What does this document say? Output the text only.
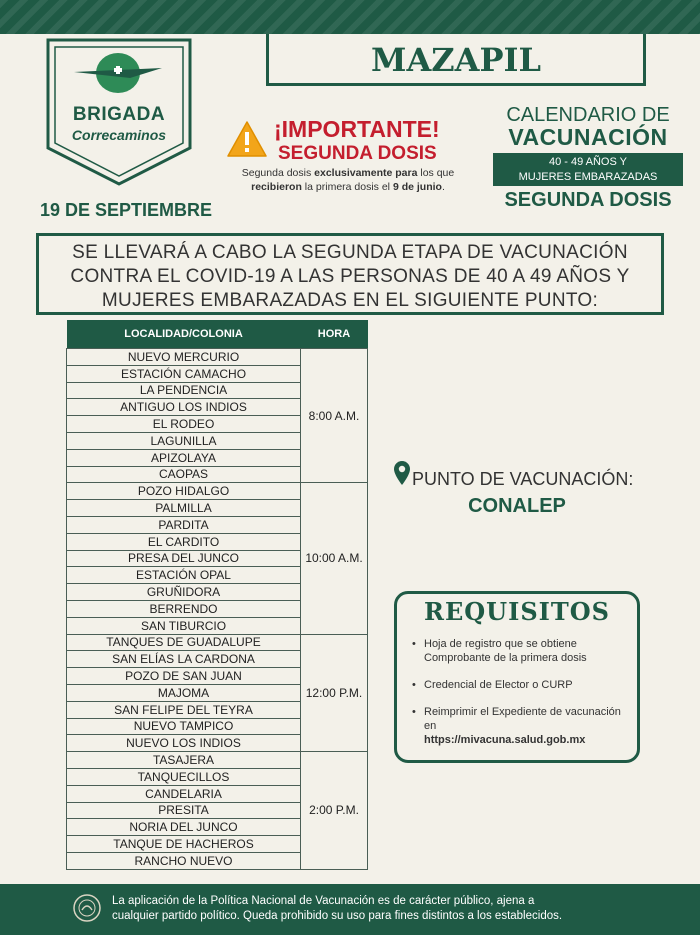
BRIGADA
Correcaminos
19 DE SEPTIEMBRE
MAZAPIL
¡IMPORTANTE!
SEGUNDA DOSIS
Segunda dosis exclusivamente para los que
recibieron la primera dosis el 9 de junio.
CALENDARIO DE
VACUNACIÓN
40 - 49 AÑOS Y
MUJERES EMBARAZADAS
SEGUNDA DOSIS
SE LLEVARÁ A CABO LA SEGUNDA ETAPA DE VACUNACIÓN
CONTRA EL COVID-19 A LAS PERSONAS DE 40 A 49 AÑOS Y
MUJERES EMBARAZADAS EN EL SIGUIENTE PUNTO:
LOCALIDAD/COLONIA	HORA
NUEVO MERCURIO	8:00 A.M.
ESTACIÓN CAMACHO	
LA PENDENCIA	
ANTIGUO LOS INDIOS	
EL RODEO	
LAGUNILLA	
APIZOLAYA	
CAOPAS	
POZO HIDALGO	10:00 A.M.
PALMILLA	
PARDITA	
EL CARDITO	
PRESA DEL JUNCO	
ESTACIÓN OPAL	
GRUÑIDORA	
BERRENDO	
SAN TIBURCIO	
TANQUES DE GUADALUPE	12:00 P.M.
SAN ELÍAS LA CARDONA	
POZO DE SAN JUAN	
MAJOMA	
SAN FELIPE DEL TEYRA	
NUEVO TAMPICO	
NUEVO LOS INDIOS	
TASAJERA	2:00 P.M.
TANQUECILLOS	
CANDELARIA	
PRESITA	
NORIA DEL JUNCO	
TANQUE DE HACHEROS	
RANCHO NUEVO	
PUNTO DE VACUNACIÓN:
CONALEP
REQUISITOS
• Hoja de registro que se obtiene Comprobante de la primera dosis
• Credencial de Elector o CURP
• Reimprimir el Expediente de vacunación en
https://mivacuna.salud.gob.mx
La aplicación de la Política Nacional de Vacunación es de carácter público, ajena a
cualquier partido político. Queda prohibido su uso para fines distintos a los establecidos.
